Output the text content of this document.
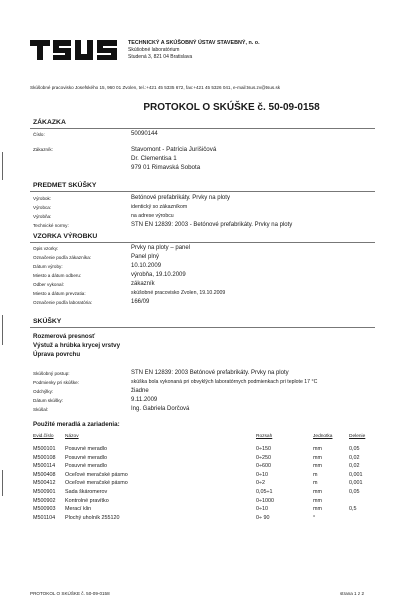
TECHNICKÝ A SKÚŠOBNÝ ÚSTAV STAVEBNÝ, n. o.
Skúšobné laboratórium
Studená 3, 821 04 Bratislava
Skúšobné pracovisko Josefského 15, 960 01 Zvolen, tel.:+421 45 5335 672, fax:+421 45 5326 041, e-mail:tsus.zv@tsus.sk
PROTOKOL O SKÚŠKE č. 50-09-0158
ZÁKAZKA
Číslo:	50090144
Zákazník:	Stavomont - Patrícia Jurišičová
Dr. Clementisa 1
979 01 Rimavská Sobota
PREDMET SKÚŠKY
Výrobok:	Betónové prefabrikáty. Prvky na ploty
Výrobca:	identický so zákazníkom
Výrobňa:	na adrese výrobcu
Technické normy:	STN EN 12839: 2003 - Betónové prefabrikáty. Prvky na ploty
VZORKA VÝROBKU
Opis vzorky:	Prvky na ploty – panel
Označenie podľa zákazníka:	Panel plný
Dátum výroby:	10.10.2009
Miesto a dátum odberu:	výrobňa, 19.10.2009
Odber vykonal:	zákazník
Miesto a dátum prevzatia:	skúšobné pracovisko Zvolen, 19.10.2009
Označenie podľa laboratória:	166/09
SKÚŠKY
Rozmerová presnosť
Výstuž a hrúbka krycej vrstvy
Úprava povrchu
Skúšobný postup:	STN EN 12839: 2003 Betónové prefabrikáty. Prvky na ploty
Podmienky pri skúške:	skúška bola vykonaná pri obvyklých laboratórnych podmienkach pri teplote 17 °C
Odchýlky:	žiadne
Dátum skúšky:	9.11.2009
Skúšal:	Ing. Gabriela Dorčová
Použité meradlá a zariadenia:
Evid.číslo Názov	Rozsah	Jednotka	Delenie
M500101 Posuvné meradlo	0÷150	mm	0,05
M500108 Posuvné meradlo	0÷250	mm	0,02
M500114 Posuvné meradlo	0÷600	mm	0,02
M500408 Oceľové meračské pásmo	0÷10	m	0,001
M500412 Oceľové meračské pásmo	0÷2	m	0,001
M500901 Sada škáromerov	0,05÷1	mm	0,05
M500902 Kontrolné pravítko	0÷1000	mm
M500903 Merací klin	0÷10	mm	0,5
M501104 Plochý uholník 255120	0÷ 90	°
PROTOKOL O SKÚŠKE č. 50-09-0158	strana 1 z 2
